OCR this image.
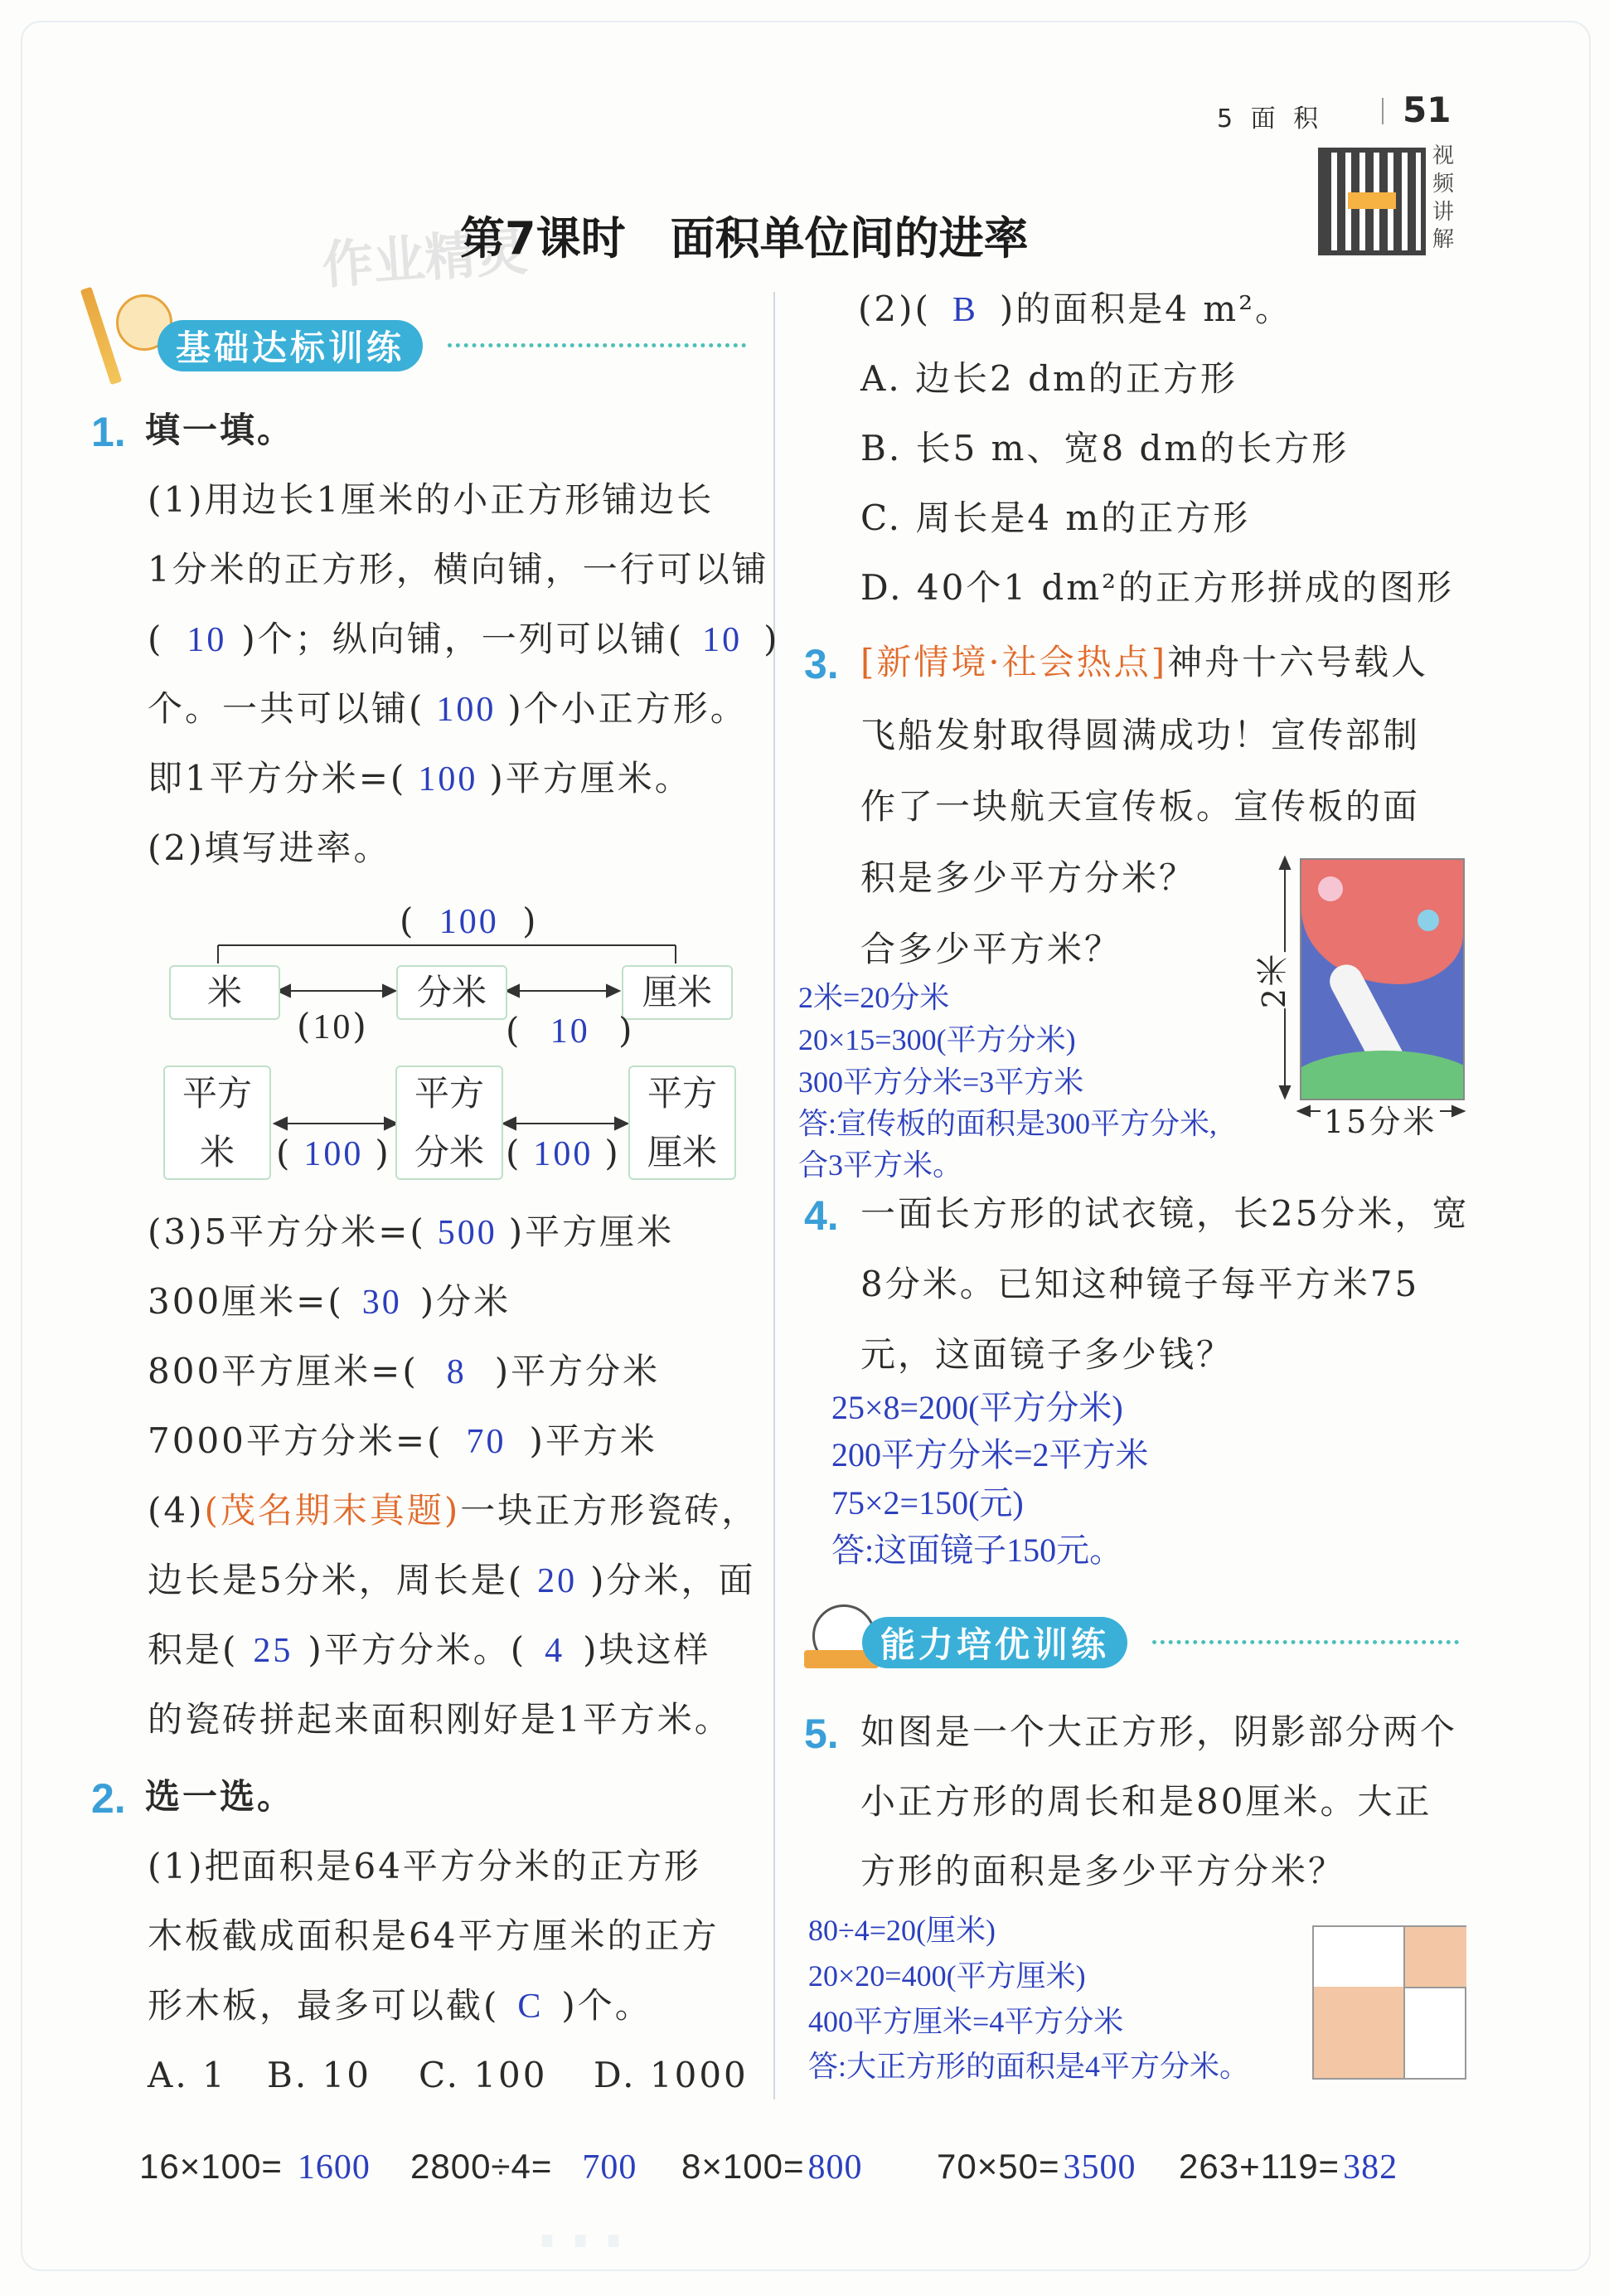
5 面 积 51
视频讲解
作业精灵
第7课时　面积单位间的进率
基础达标训练
1. 填一填。
(1)用边长1厘米的小正方形铺边长
1分米的正方形，横向铺，一行可以铺
( 10 )个；纵向铺，一列可以铺( 10 )
个。一共可以铺( 100 )个小正方形。
即1平方分米=( 100 )平方厘米。
(2)填写进率。
( 100 )
米	分米	厘米
(10)	( 10 )
平方
米
平方
分米
平方
厘米
( 100 )	( 100 )
(3)5平方分米=( 500 )平方厘米
300厘米=( 30 )分米
800平方厘米=( 8 )平方分米
7000平方分米=( 70 )平方米
(4)(茂名期末真题)一块正方形瓷砖，
边长是5分米，周长是( 20 )分米，面
积是( 25 )平方分米。( 4 )块这样
的瓷砖拼起来面积刚好是1平方米。
2. 选一选。
(1)把面积是64平方分米的正方形
木板截成面积是64平方厘米的正方
形木板，最多可以截( C )个。
A. 1 B. 10 C. 100 D. 1000
(2)( B )的面积是4 m²。
A. 边长2 dm的正方形
B. 长5 m、宽8 dm的长方形
C. 周长是4 m的正方形
D. 40个1 dm²的正方形拼成的图形
3. [新情境·社会热点]神舟十六号载人
飞船发射取得圆满成功！宣传部制
作了一块航天宣传板。宣传板的面
积是多少平方分米？
合多少平方米？
2米
15分米
2米=20分米
20×15=300(平方分米)
300平方分米=3平方米
答:宣传板的面积是300平方分米,
合3平方米。
4. 一面长方形的试衣镜，长25分米，宽
8分米。已知这种镜子每平方米75
元，这面镜子多少钱？
25×8=200(平方分米)
200平方分米=2平方米
75×2=150(元)
答:这面镜子150元。
能力培优训练
5. 如图是一个大正方形，阴影部分两个
小正方形的周长和是80厘米。大正
方形的面积是多少平方分米？
80÷4=20(厘米)
20×20=400(平方厘米)
400平方厘米=4平方分米
答:大正方形的面积是4平方分米。
⋯
16×100= 1600 2800÷4= 700 8×100=800 70×50=3500 263+119=382
